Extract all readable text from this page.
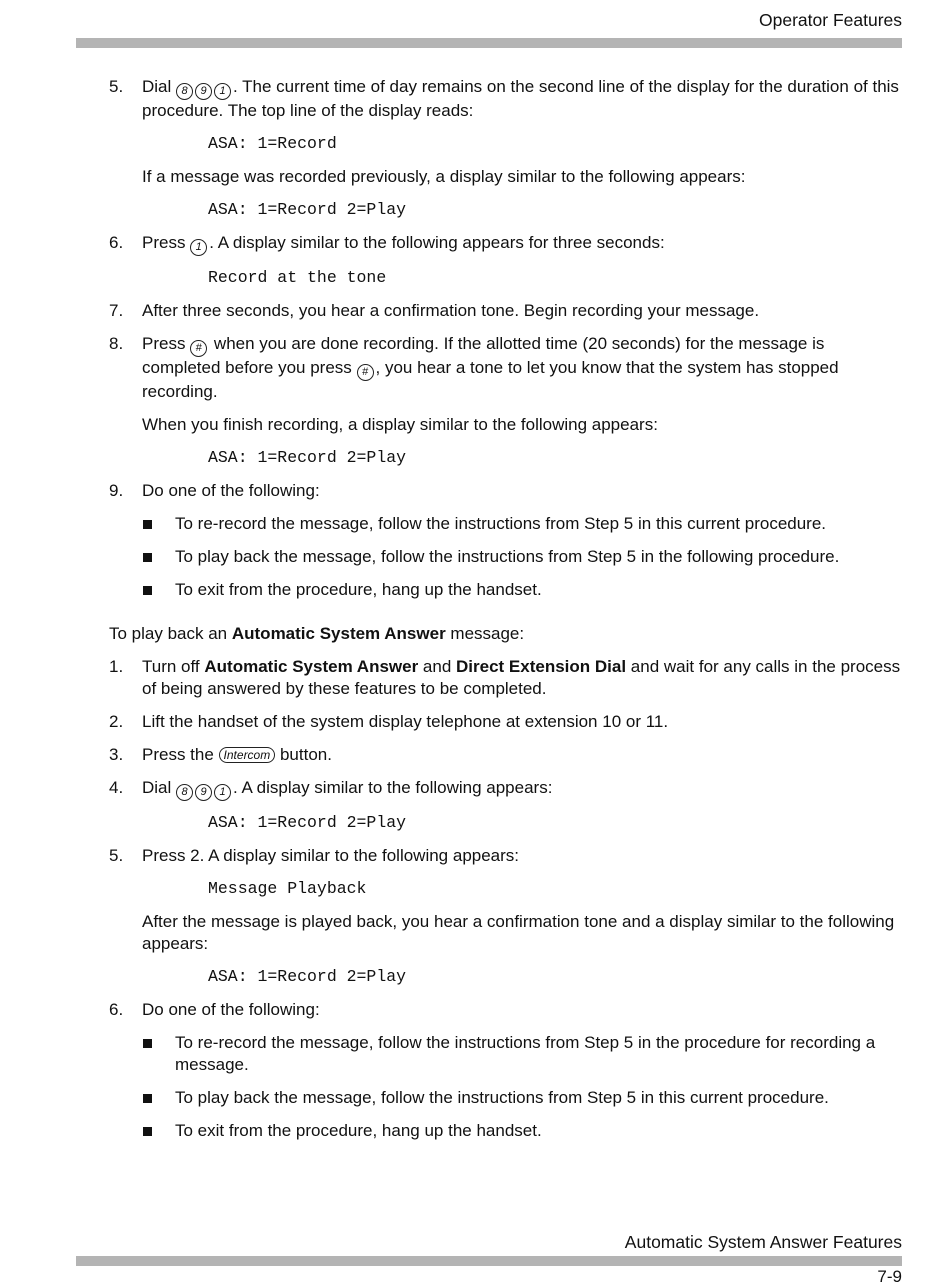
Operator Features
5. Dial 8 9 1 . The current time of day remains on the second line of the display for the duration of this procedure. The top line of the display reads:
ASA: 1=Record
If a message was recorded previously, a display similar to the following appears:
ASA: 1=Record 2=Play
6. Press 1 . A display similar to the following appears for three seconds:
Record at the tone
7. After three seconds, you hear a confirmation tone. Begin recording your message.
8. Press # when you are done recording. If the allotted time (20 seconds) for the message is completed before you press # , you hear a tone to let you know that the system has stopped recording.
When you finish recording, a display similar to the following appears:
ASA: 1=Record 2=Play
9. Do one of the following:
To re-record the message, follow the instructions from Step 5 in this current procedure.
To play back the message, follow the instructions from Step 5 in the following procedure.
To exit from the procedure, hang up the handset.
To play back an Automatic System Answer message:
1. Turn off Automatic System Answer and Direct Extension Dial and wait for any calls in the process of being answered by these features to be completed.
2. Lift the handset of the system display telephone at extension 10 or 11.
3. Press the Intercom button.
4. Dial 8 9 1 . A display similar to the following appears:
ASA: 1=Record 2=Play
5. Press 2. A display similar to the following appears:
Message Playback
After the message is played back, you hear a confirmation tone and a display similar to the following appears:
ASA: 1=Record 2=Play
6. Do one of the following:
To re-record the message, follow the instructions from Step 5 in the procedure for recording a message.
To play back the message, follow the instructions from Step 5 in this current procedure.
To exit from the procedure, hang up the handset.
Automatic System Answer Features
7-9
